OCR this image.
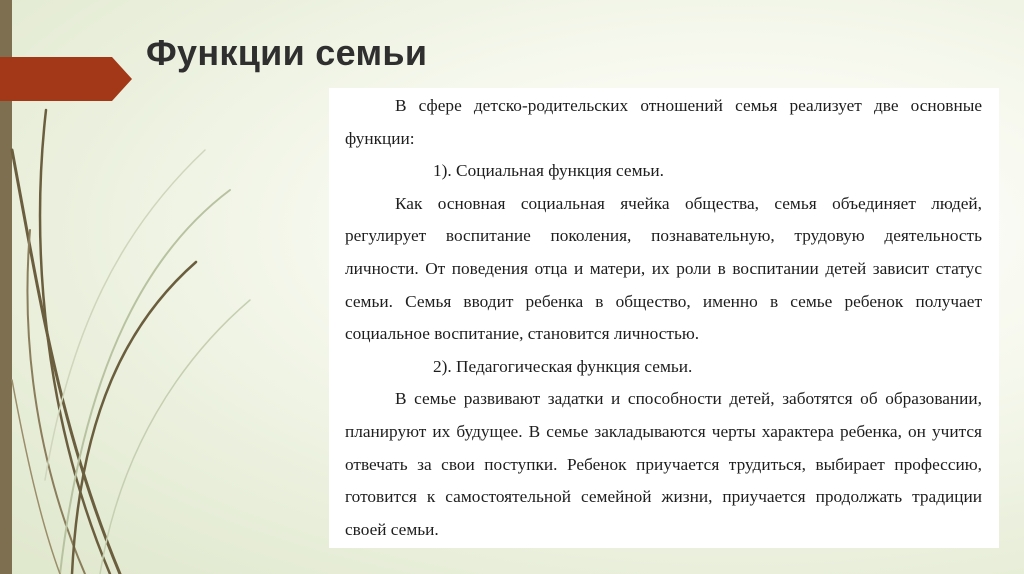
Функции семьи

В сфере детско-родительских отношений семья реализует две основные функции:

1). Социальная функция семьи.

Как основная социальная ячейка общества, семья объединяет людей, регулирует воспитание поколения, познавательную, трудовую деятельность личности. От поведения отца и матери, их роли в воспитании детей зависит статус семьи. Семья вводит ребенка в общество, именно в семье ребенок получает социальное воспитание, становится личностью.

2). Педагогическая функция семьи.

В семье развивают задатки и способности детей, заботятся об образовании, планируют их будущее. В семье закладываются черты характера ребенка, он учится отвечать за свои поступки. Ребенок приучается трудиться, выбирает профессию, готовится к самостоятельной семейной жизни, приучается продолжать традиции своей семьи.
